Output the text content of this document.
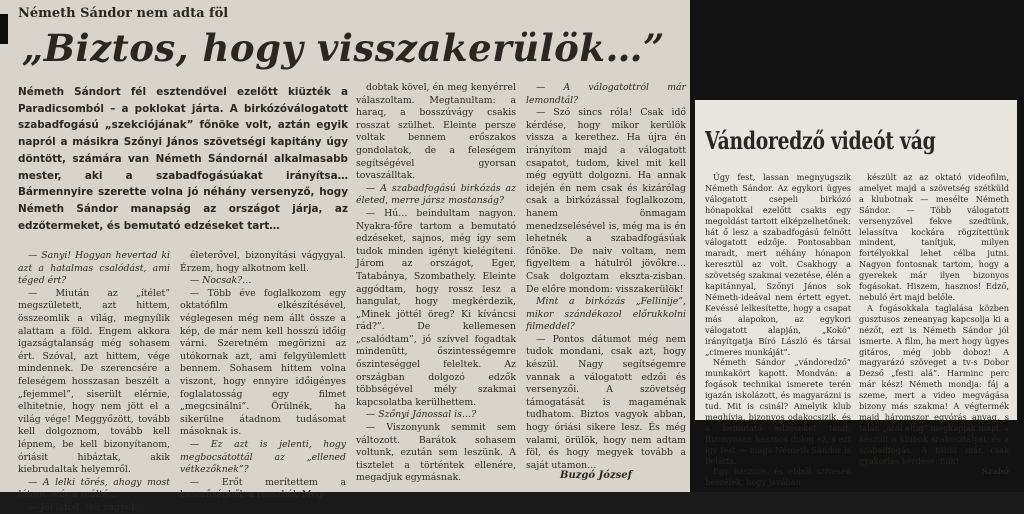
Németh Sándor nem adta föl
„Biztos, hogy visszakerülök…”
Németh Sándort fél esztendővel ezelőtt kiüzték a Paradicsomból – a poklokat járta. A birkózóválogatott szabadfogású „szekciójának” főnöke volt, aztán egyik napról a másikra Szőnyi János szövetségi kapitány úgy döntött, számára van Németh Sándornál alkalmasabb mester, aki a szabadfogásúakat irányítsa… Bármennyire szerette volna jó néhány versenyző, hogy Németh Sándor manapság az országot járja, az edzőtermeket, és bemutató edzéseket tart…

— Sanyi! Hogyan hevertad ki azt a hatalmas csalódást, ami téged ért?

— Miután az „ítélet” megszületett, azt hittem, összeomlik a világ, megnyílik alattam a föld. Engem akkora igazságtalanság még sohasem ért. Szóval, azt hittem, vége mindennek. De szerencsére a feleségem hosszasan beszélt a „fejemmel”, siserült elérnie, elhitetnie, hogy nem jött el a világ vége! Meggyőzött, tovább kell dolgoznom, tovább kell lépnem, be kell bizonyítanom, óriásit hibáztak, akik kiebrudaltak helyemről.

— A lelki törés, ahogy most látom, már a múlté…

— Jól látod, teli vagyok

életerővel, bizonyítási vágygyal. Érzem, hogy alkotnom kell.

— Nocsak?…

— Több éve foglalkozom egy oktatófilm elkészítésével, véglegesen még nem állt össze a kép, de már nem kell hosszú időig várni. Szeretném megörizni az utókornak azt, ami felgyülemlett bennem. Sohasem hittem volna viszont, hogy ennyire időigényes foglalatosság egy filmet „megcsinálni”. Örülnék, ha sikerülne átadnom tudásomat másoknak is.

— Ez azt is jelenti, hogy megbocsátottál az „ellened vétkezőknek”?

— Erőt merítettem a keserűségből, a rosszból. Meg-

dobtak kövel, én meg kenyérrel válaszoltam. Megtanultam: a haraq, a bosszúvágy csakis rosszat szülhet. Eleinte persze voltak bennem erőszakos gondolatok, de a feleségem segítségével gyorsan tovaszálltak.

— A szabadfogású birkózás az életed, merre jársz mostanság?

— Hú… beindultam nagyon. Nyakra-főre tartom a bemutató edzéseket, sajnos, még így sem tudok minden igényt kielégíteni. Járom az országot, Eger, Tatabánya, Szombathely. Eleinte aggódtam, hogy rossz lesz a hangulat, hogy megkérdezik, „Minek jöttél öreg? Ki kíváncsi rád?”. De kellemesen „csalódtam”, jó szívvel fogadtak mindenütt, őszintességemre őszinteséggel feleltek. Az országban dolgozó edzők többségével mély szakmai kapcsolatba kerülhettem.

— Szőnyi Jánossal is…?

— Viszonyunk semmit sem változott. Barátok sohasem voltunk, ezután sem leszünk. A tisztelet a történtek ellenére, megadjuk egymásnak.

— A válogatottról már lemondtál?

— Szó sincs róla! Csak idő kérdése, hogy mikor kerülök vissza a kerethez. Ha újra én irányítom majd a válogatott csapatot, tudom, kivel mit kell még együtt dolgozni. Ha annak idején én nem csak és kizárólag csak a birkózással foglalkozom, hanem önmagam menedzselésével is, még ma is én lehetnék a szabadfogásúak főnöke. De naiv voltam, nem figyeltem a hátulról jövőkre… Csak dolgoztam ekszta-zisban. De előre mondom: visszakerülök!

Mint a birkózás „Fellinije”, mikor szándékozol előrukkolni filmeddel?

— Pontos dátumot még nem tudok mondani, csak azt, hogy készül. Nagy segítségemre vannak a válogatott edzői és versenyzői. A szövetség támogatását is magaménak tudhatom. Biztos vagyok abban, hogy óriási sikere lesz. És még valami, örülök, hogy nem adtam föl, és hogy megyek tovább a saját utamon…

Buzgó József
Vándoredző videót vág

Úgy fest, lassan megnyugszik Németh Sándor. Az egykori ügyes válogatott csepeli birkózó hónapokkal ezelőtt csakis egy megoldást tartott elképzelhetőnek: hát ő lesz a szabadfogású felnőtt válogatott edzője. Pontosabban maradt, mert néhány hónapon keresztül az volt. Csakhogy a szövetség szakmai vezetése, élén a kapitánnyal, Szőnyi János sok Németh-ideával nem értett egyet. Kevéssé lelkesítette, hogy a csapat más alapokon, az egykori válogatott alapján, „Kokó” irányítgatja Bíró László és társai „cimeres munkáját”.

Németh Sándor „vándoredző” munkakört kapott. Mondván: a fogások technikai ismerete terén igazán iskolázott, és magyarázni is tud. Mit is csinál? Amelyik klub meghívja, bizonyos odakocsizik, és a bemutató edzéseket tanít. Bizonyosan hasznos dolog ez, s ezt így fest — maga Németh Sándor is belátta.

Egy hasznos, és ebből szívesen beszélek, hogy javában

készült az az oktató videofilm, amelyet majd a szövetség szétküld a klubotnak — mesélte Németh Sándor. — Több válogatott versenyzővel fekve szedtünk, lelassítva kockára rögzítettünk mindent, tanítjuk, milyen fortélyokkal lehet célba jutni. Nagyon fontosnak tartom, hogy a gyerekek már ilyen bizonyos fogásokat. Hiszem, hasznos! Edző, nebuló ért majd belőle.

A fogásokkala taglalása közben gusztusos zeneanyag kapcsolja ki a nézőt, ezt is Németh Sándor jól ismerte. A film, ha mert hogy ügyes gitáros, még jobb doboz! A magyarázó szöveget a tv-s Dobor Dezső „festi alá”. Harminc perc már kész! Németh mondja: fáj a szeme, mert a video megvágása bizony más szakma! A végtermék majd háromszor egyórás anyag, s talán „ától eltig” megkapják majd, a készült a klubok szakosztályai, és a szabadfogás. A többi már csak gyakorlás kérdése, fiúk!

Szabó
